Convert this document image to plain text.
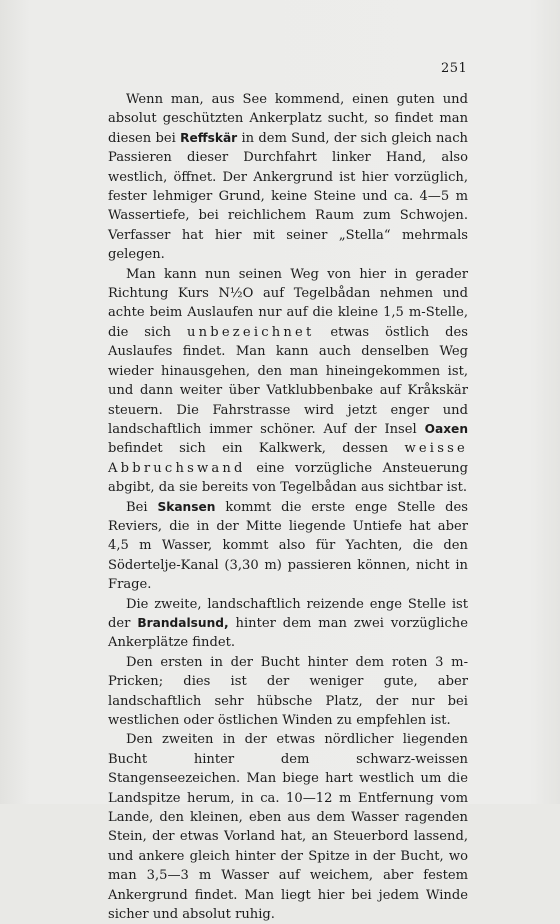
251

Wenn man, aus See kommend, einen guten und absolut geschützten Ankerplatz sucht, so findet man diesen bei Reffskär in dem Sund, der sich gleich nach Passieren dieser Durchfahrt linker Hand, also westlich, öffnet. Der Ankergrund ist hier vorzüglich, fester lehmiger Grund, keine Steine und ca. 4—5 m Wassertiefe, bei reichlichem Raum zum Schwojen. Verfasser hat hier mit seiner „Stella“ mehrmals gelegen.

Man kann nun seinen Weg von hier in gerader Richtung Kurs N½O auf Tegelbådan nehmen und achte beim Auslaufen nur auf die kleine 1,5 m-Stelle, die sich unbezeichnet etwas östlich des Auslaufes findet. Man kann auch denselben Weg wieder hinausgehen, den man hineingekommen ist, und dann weiter über Vatklubbenbake auf Kråkskär steuern. Die Fahrstrasse wird jetzt enger und landschaftlich immer schöner. Auf der Insel Oaxen befindet sich ein Kalkwerk, dessen weisse Abbruchswand eine vorzügliche Ansteuerung abgibt, da sie bereits von Tegelbådan aus sichtbar ist.

Bei Skansen kommt die erste enge Stelle des Reviers, die in der Mitte liegende Untiefe hat aber 4,5 m Wasser, kommt also für Yachten, die den Södertelje-Kanal (3,30 m) passieren können, nicht in Frage.

Die zweite, landschaftlich reizende enge Stelle ist der Brandalsund, hinter dem man zwei vorzügliche Ankerplätze findet.

Den ersten in der Bucht hinter dem roten 3 m-Pricken; dies ist der weniger gute, aber landschaftlich sehr hübsche Platz, der nur bei westlichen oder östlichen Winden zu empfehlen ist.

Den zweiten in der etwas nördlicher liegenden Bucht hinter dem schwarz-weissen Stangenseezeichen. Man biege hart westlich um die Landspitze herum, in ca. 10—12 m Entfernung vom Lande, den kleinen, eben aus dem Wasser ragenden Stein, der etwas Vorland hat, an Steuerbord lassend, und ankere gleich hinter der Spitze in der Bucht, wo man 3,5—3 m Wasser auf weichem, aber festem Ankergrund findet. Man liegt hier bei jedem Winde sicher und absolut ruhig.
